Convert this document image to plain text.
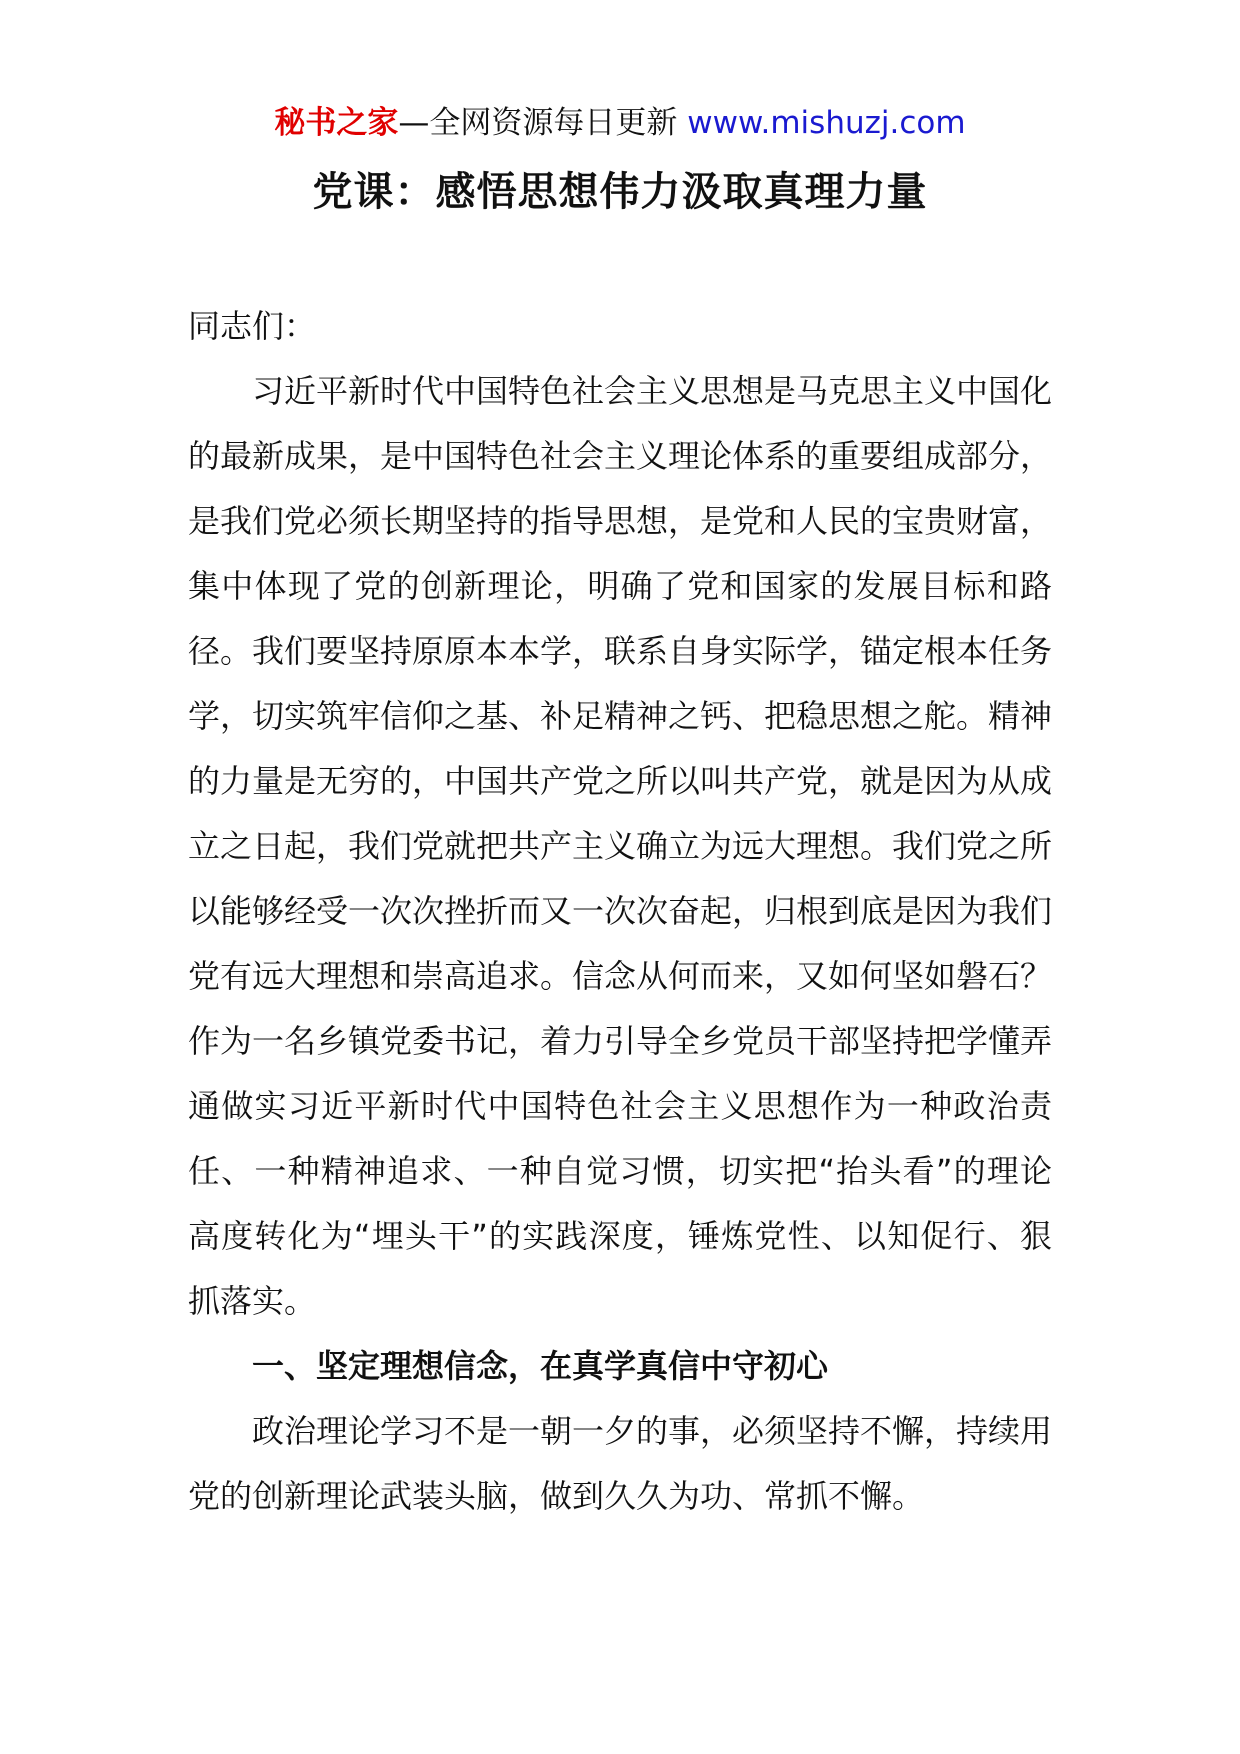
秘书之家—全网资源每日更新 www.mishuzj.com
党课：感悟思想伟力汲取真理力量

同志们：

习近平新时代中国特色社会主义思想是马克思主义中国化的最新成果，是中国特色社会主义理论体系的重要组成部分，是我们党必须长期坚持的指导思想，是党和人民的宝贵财富，集中体现了党的创新理论，明确了党和国家的发展目标和路径。我们要坚持原原本本学，联系自身实际学，锚定根本任务学，切实筑牢信仰之基、补足精神之钙、把稳思想之舵。精神的力量是无穷的，中国共产党之所以叫共产党，就是因为从成立之日起，我们党就把共产主义确立为远大理想。我们党之所以能够经受一次次挫折而又一次次奋起，归根到底是因为我们党有远大理想和崇高追求。信念从何而来，又如何坚如磐石？作为一名乡镇党委书记，着力引导全乡党员干部坚持把学懂弄通做实习近平新时代中国特色社会主义思想作为一种政治责任、一种精神追求、一种自觉习惯，切实把“抬头看”的理论高度转化为“埋头干”的实践深度，锤炼党性、以知促行、狠抓落实。

一、坚定理想信念，在真学真信中守初心

政治理论学习不是一朝一夕的事，必须坚持不懈，持续用党的创新理论武装头脑，做到久久为功、常抓不懈。
